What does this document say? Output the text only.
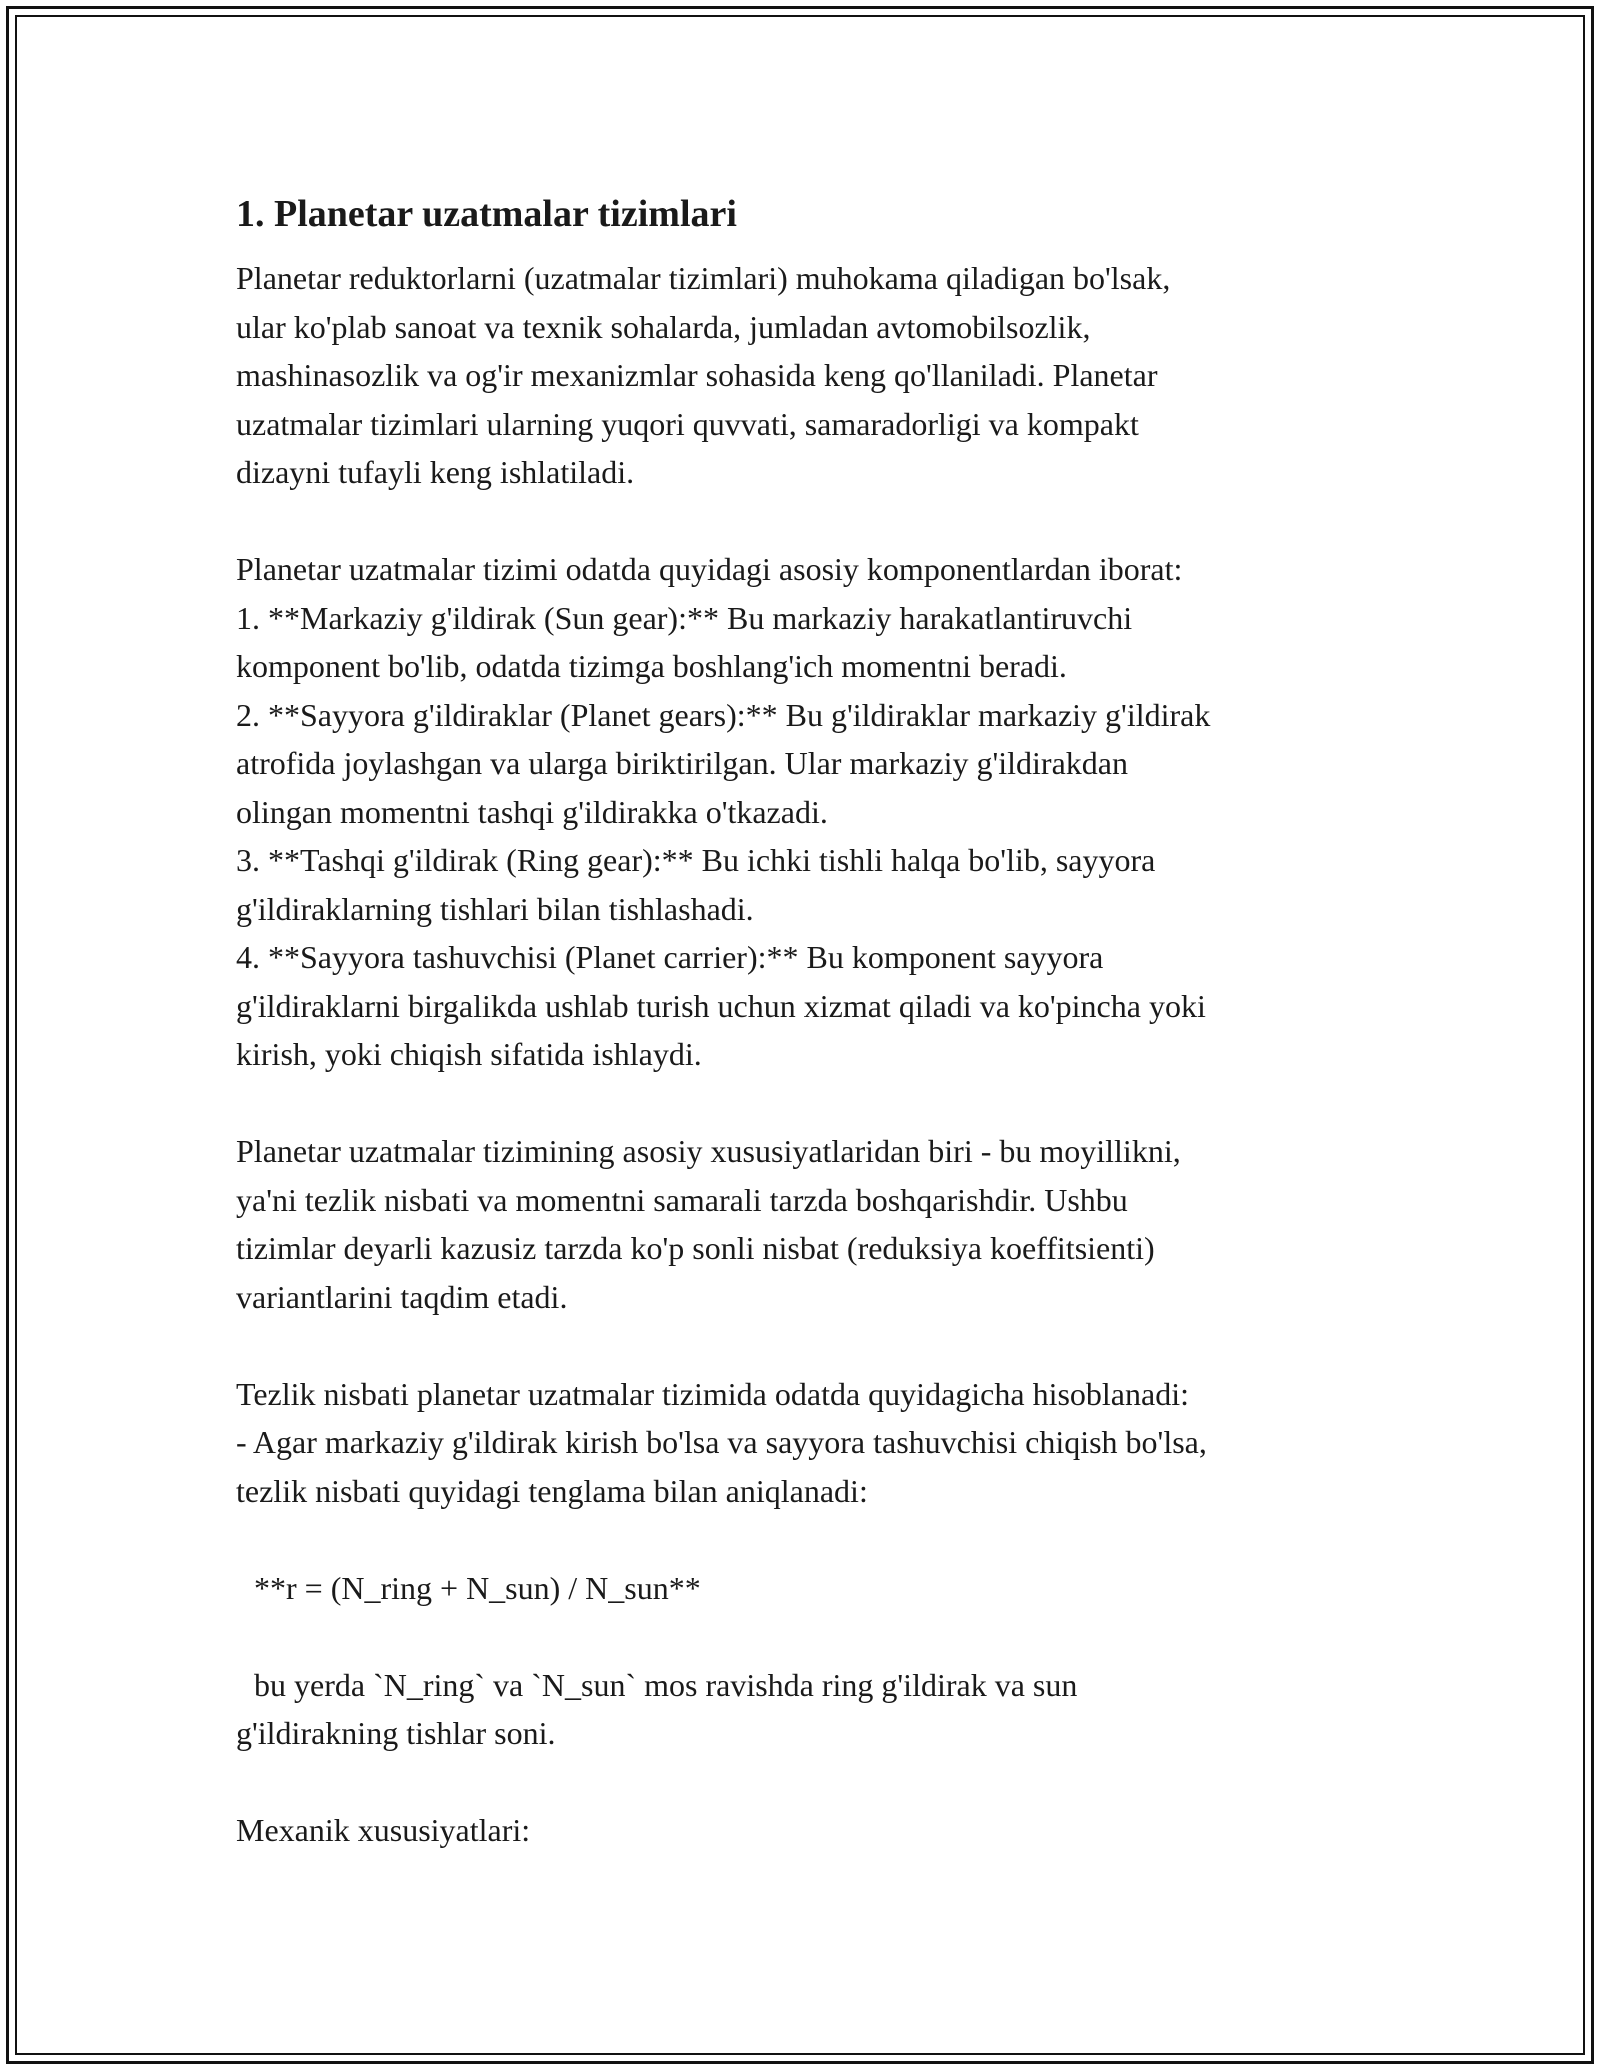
1. Planetar uzatmalar tizimlari

Planetar reduktorlarni (uzatmalar tizimlari) muhokama qiladigan bo'lsak,

ular ko'plab sanoat va texnik sohalarda, jumladan avtomobilsozlik,

mashinasozlik va og'ir mexanizmlar sohasida keng qo'llaniladi. Planetar

uzatmalar tizimlari ularning yuqori quvvati, samaradorligi va kompakt

dizayni tufayli keng ishlatiladi.

Planetar uzatmalar tizimi odatda quyidagi asosiy komponentlardan iborat:

1. **Markaziy g'ildirak (Sun gear):** Bu markaziy harakatlantiruvchi

komponent bo'lib, odatda tizimga boshlang'ich momentni beradi.

2. **Sayyora g'ildiraklar (Planet gears):** Bu g'ildiraklar markaziy g'ildirak

atrofida joylashgan va ularga biriktirilgan. Ular markaziy g'ildirakdan

olingan momentni tashqi g'ildirakka o'tkazadi.

3. **Tashqi g'ildirak (Ring gear):** Bu ichki tishli halqa bo'lib, sayyora

g'ildiraklarning tishlari bilan tishlashadi.

4. **Sayyora tashuvchisi (Planet carrier):** Bu komponent sayyora

g'ildiraklarni birgalikda ushlab turish uchun xizmat qiladi va ko'pincha yoki

kirish, yoki chiqish sifatida ishlaydi.

Planetar uzatmalar tizimining asosiy xususiyatlaridan biri - bu moyillikni,

ya'ni tezlik nisbati va momentni samarali tarzda boshqarishdir. Ushbu

tizimlar deyarli kazusiz tarzda ko'p sonli nisbat (reduksiya koeffitsienti)

variantlarini taqdim etadi.

Tezlik nisbati planetar uzatmalar tizimida odatda quyidagicha hisoblanadi:

- Agar markaziy g'ildirak kirish bo'lsa va sayyora tashuvchisi chiqish bo'lsa,

tezlik nisbati quyidagi tenglama bilan aniqlanadi:

**r = (N_ring + N_sun) / N_sun**

bu yerda `N_ring` va `N_sun` mos ravishda ring g'ildirak va sun

g'ildirakning tishlar soni.

Mexanik xususiyatlari:
